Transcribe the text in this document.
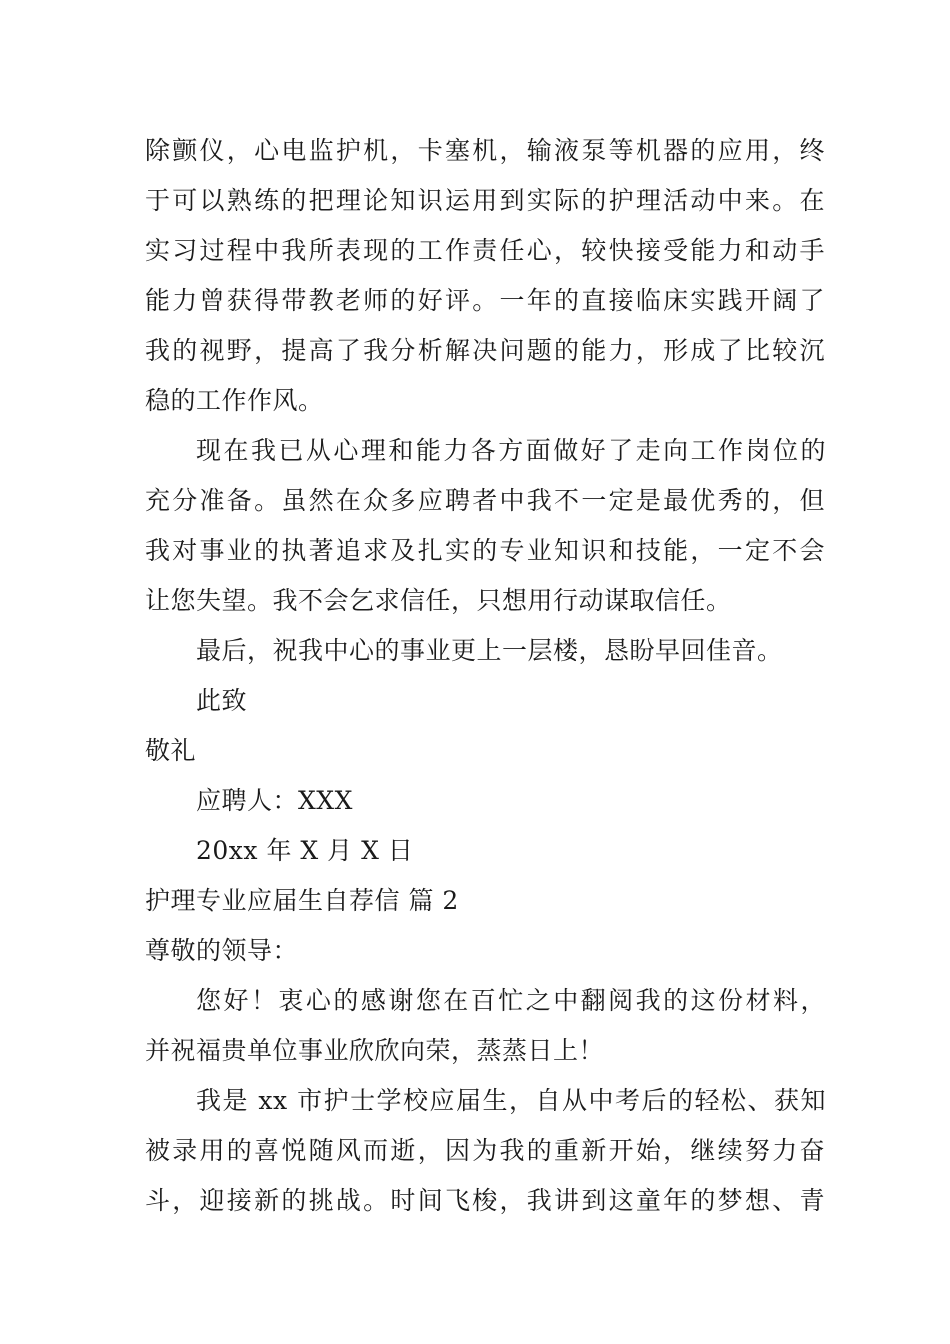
除颤仪，心电监护机，卡塞机，输液泵等机器的应用，终
于可以熟练的把理论知识运用到实际的护理活动中来。在
实习过程中我所表现的工作责任心，较快接受能力和动手
能力曾获得带教老师的好评。一年的直接临床实践开阔了
我的视野，提高了我分析解决问题的能力，形成了比较沉
稳的工作作风。
现在我已从心理和能力各方面做好了走向工作岗位的
充分准备。虽然在众多应聘者中我不一定是最优秀的，但
我对事业的执著追求及扎实的专业知识和技能，一定不会
让您失望。我不会乞求信任，只想用行动谋取信任。
最后，祝我中心的事业更上一层楼，恳盼早回佳音。
此致
敬礼
应聘人：XXX
20xx 年 X 月 X 日
护理专业应届生自荐信 篇 2
尊敬的领导：
您好！衷心的感谢您在百忙之中翻阅我的这份材料，
并祝福贵单位事业欣欣向荣，蒸蒸日上！
我是 xx 市护士学校应届生，自从中考后的轻松、获知
被录用的喜悦随风而逝，因为我的重新开始，继续努力奋
斗，迎接新的挑战。时间飞梭，我讲到这童年的梦想、青
